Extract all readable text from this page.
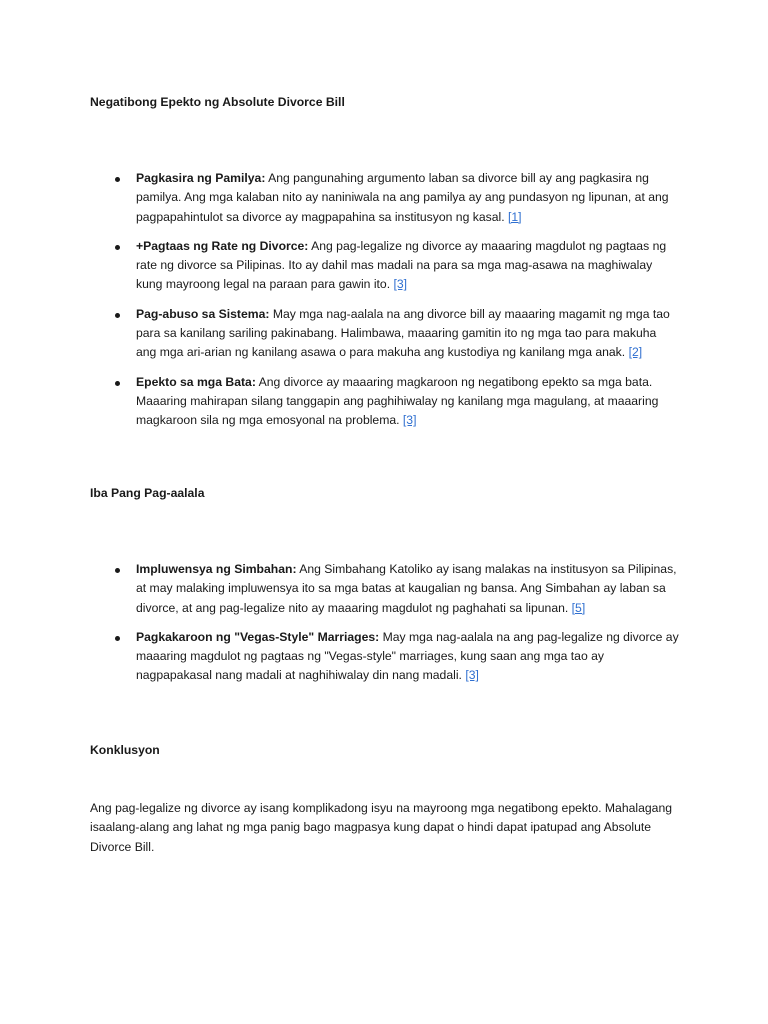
Negatibong Epekto ng Absolute Divorce Bill
Pagkasira ng Pamilya: Ang pangunahing argumento laban sa divorce bill ay ang pagkasira ng pamilya. Ang mga kalaban nito ay naniniwala na ang pamilya ay ang pundasyon ng lipunan, at ang pagpapahintulot sa divorce ay magpapahina sa institusyon ng kasal. [1]
+Pagtaas ng Rate ng Divorce: Ang pag-legalize ng divorce ay maaaring magdulot ng pagtaas ng rate ng divorce sa Pilipinas. Ito ay dahil mas madali na para sa mga mag-asawa na maghiwalay kung mayroong legal na paraan para gawin ito. [3]
Pag-abuso sa Sistema: May mga nag-aalala na ang divorce bill ay maaaring magamit ng mga tao para sa kanilang sariling pakinabang. Halimbawa, maaaring gamitin ito ng mga tao para makuha ang mga ari-arian ng kanilang asawa o para makuha ang kustodiya ng kanilang mga anak. [2]
Epekto sa mga Bata: Ang divorce ay maaaring magkaroon ng negatibong epekto sa mga bata. Maaaring mahirapan silang tanggapin ang paghihiwalay ng kanilang mga magulang, at maaaring magkaroon sila ng mga emosyonal na problema. [3]
Iba Pang Pag-aalala
Impluwensya ng Simbahan: Ang Simbahang Katoliko ay isang malakas na institusyon sa Pilipinas, at may malaking impluwensya ito sa mga batas at kaugalian ng bansa. Ang Simbahan ay laban sa divorce, at ang pag-legalize nito ay maaaring magdulot ng paghahati sa lipunan. [5]
Pagkakaroon ng "Vegas-Style" Marriages: May mga nag-aalala na ang pag-legalize ng divorce ay maaaring magdulot ng pagtaas ng "Vegas-style" marriages, kung saan ang mga tao ay nagpapakasal nang madali at naghihiwalay din nang madali. [3]
Konklusyon

Ang pag-legalize ng divorce ay isang komplikadong isyu na mayroong mga negatibong epekto. Mahalagang isaalang-alang ang lahat ng mga panig bago magpasya kung dapat o hindi dapat ipatupad ang Absolute Divorce Bill.
